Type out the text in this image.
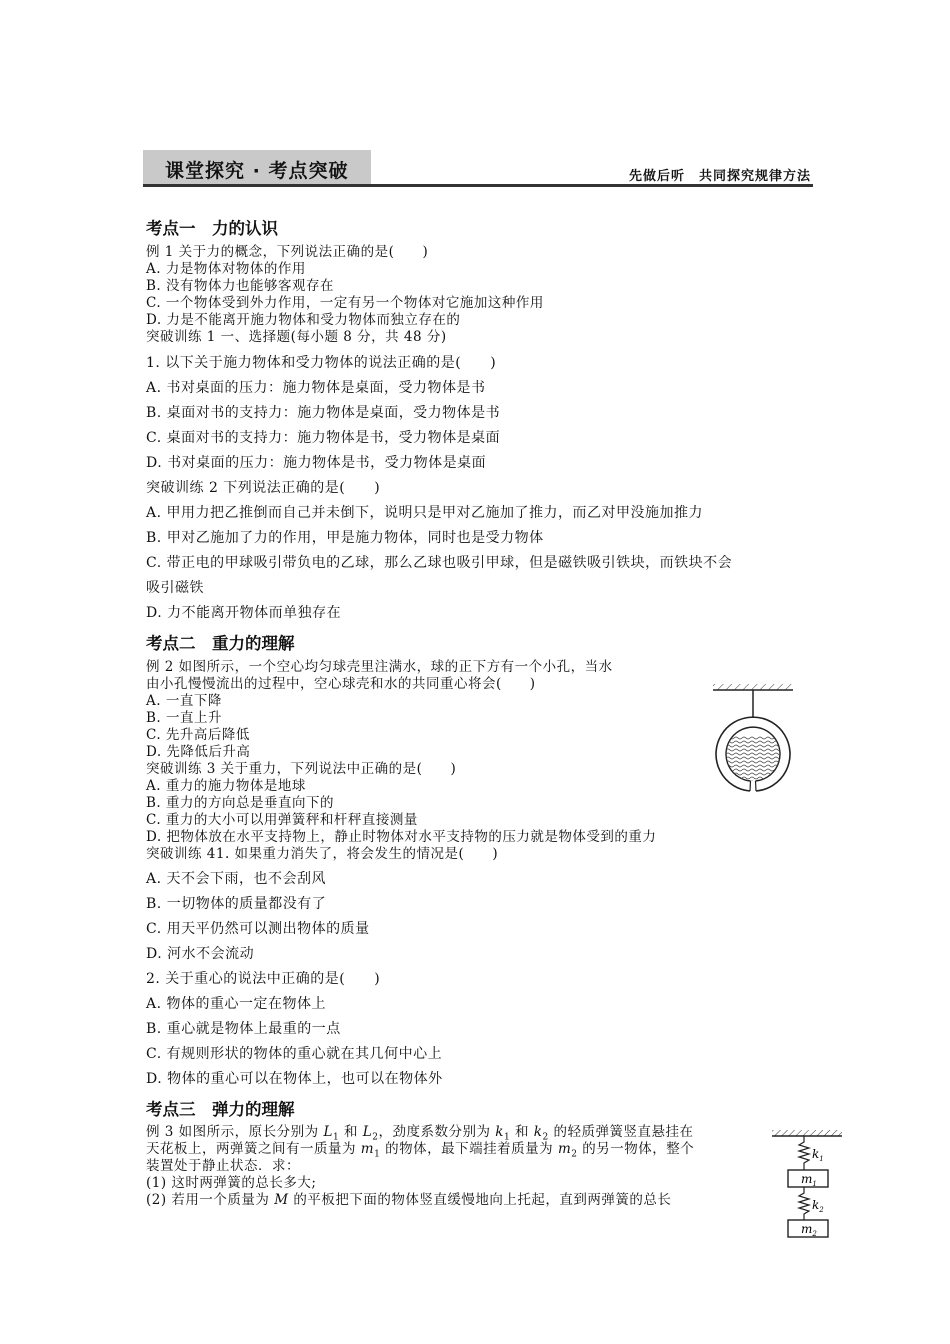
课堂探究 · 考点突破	先做后听　共同探究规律方法
考点一　力的认识
例 1 关于力的概念，下列说法正确的是(　　)
A. 力是物体对物体的作用
B. 没有物体力也能够客观存在
C. 一个物体受到外力作用，一定有另一个物体对它施加这种作用
D. 力是不能离开施力物体和受力物体而独立存在的
突破训练 1 一、选择题(每小题 8 分，共 48 分)
1. 以下关于施力物体和受力物体的说法正确的是(　　)
A. 书对桌面的压力：施力物体是桌面，受力物体是书
B. 桌面对书的支持力：施力物体是桌面，受力物体是书
C. 桌面对书的支持力：施力物体是书，受力物体是桌面
D. 书对桌面的压力：施力物体是书，受力物体是桌面
突破训练 2 下列说法正确的是(　　)
A. 甲用力把乙推倒而自己并未倒下，说明只是甲对乙施加了推力，而乙对甲没施加推力
B. 甲对乙施加了力的作用，甲是施力物体，同时也是受力物体
C. 带正电的甲球吸引带负电的乙球，那么乙球也吸引甲球，但是磁铁吸引铁块，而铁块不会
吸引磁铁
D. 力不能离开物体而单独存在
考点二　重力的理解
例 2 如图所示，一个空心均匀球壳里注满水，球的正下方有一个小孔，当水
由小孔慢慢流出的过程中，空心球壳和水的共同重心将会(　　)
A. 一直下降
B. 一直上升
C. 先升高后降低
D. 先降低后升高
突破训练 3 关于重力，下列说法中正确的是(　　)
A. 重力的施力物体是地球
B. 重力的方向总是垂直向下的
C. 重力的大小可以用弹簧秤和杆秤直接测量
D. 把物体放在水平支持物上，静止时物体对水平支持物的压力就是物体受到的重力
突破训练 41. 如果重力消失了，将会发生的情况是(　　)
A. 天不会下雨，也不会刮风
B. 一切物体的质量都没有了
C. 用天平仍然可以测出物体的质量
D. 河水不会流动
2. 关于重心的说法中正确的是(　　)
A. 物体的重心一定在物体上
B. 重心就是物体上最重的一点
C. 有规则形状的物体的重心就在其几何中心上
D. 物体的重心可以在物体上，也可以在物体外
考点三　弹力的理解
例 3 如图所示，原长分别为 $L_1$ 和 $L_2$，劲度系数分别为 $k_1$ 和 $k_2$ 的轻质弹簧竖直悬挂在
天花板上，两弹簧之间有一质量为 $m_1$ 的物体，最下端挂着质量为 $m_2$ 的另一物体，整个
装置处于静止状态．求：
(1) 这时两弹簧的总长多大;
(2) 若用一个质量为 M 的平板把下面的物体竖直缓慢地向上托起，直到两弹簧的总长
$k_1$
$m_1$
$k_2$
$m_2$
